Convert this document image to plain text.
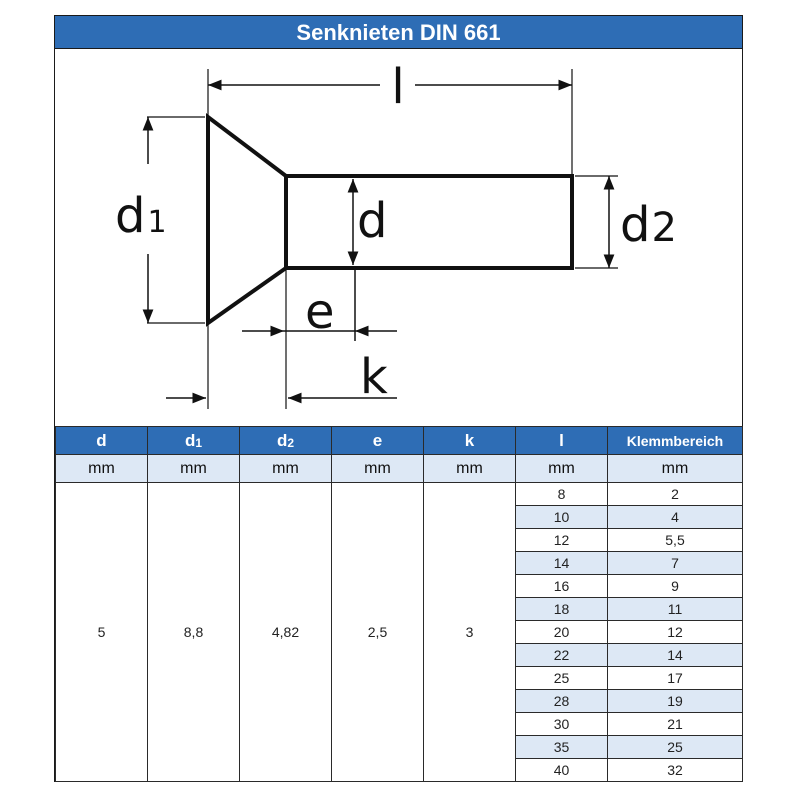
Senknieten DIN 661
l
d1	d	d2
e
k
d	$d_1$	$d_2$	e	k	l	Klemmbereich
mm	mm	mm	mm	mm	mm	mm
5	8,8	4,82	2,5	3	8	2
					10	4
					12	5,5
					14	7
					16	9
					18	11
					20	12
					22	14
					25	17
					28	19
					30	21
					35	25
					40	32
